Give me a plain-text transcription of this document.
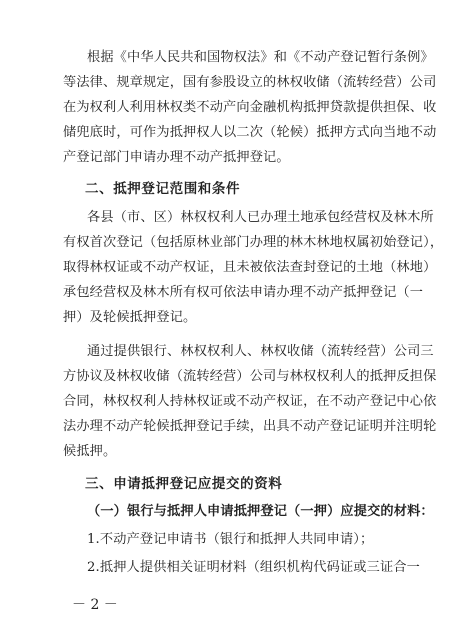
根据《中华人民共和国物权法》和《不动产登记暂行条例》
等法律、规章规定，国有参股设立的林权收储（流转经营）公司
在为权利人利用林权类不动产向金融机构抵押贷款提供担保、收
储兜底时，可作为抵押权人以二次（轮候）抵押方式向当地不动
产登记部门申请办理不动产抵押登记。
二、抵押登记范围和条件
各县（市、区）林权权利人已办理土地承包经营权及林木所
有权首次登记（包括原林业部门办理的林木林地权属初始登记），
取得林权证或不动产权证，且未被依法查封登记的土地（林地）
承包经营权及林木所有权可依法申请办理不动产抵押登记（一
押）及轮候抵押登记。
通过提供银行、林权权利人、林权收储（流转经营）公司三
方协议及林权收储（流转经营）公司与林权权利人的抵押反担保
合同，林权权利人持林权证或不动产权证，在不动产登记中心依
法办理不动产轮候抵押登记手续，出具不动产登记证明并注明轮
候抵押。
三、申请抵押登记应提交的资料
（一）银行与抵押人申请抵押登记（一押）应提交的材料：
1.不动产登记申请书（银行和抵押人共同申请）；
2.抵押人提供相关证明材料（组织机构代码证或三证合一
－ 2 －
